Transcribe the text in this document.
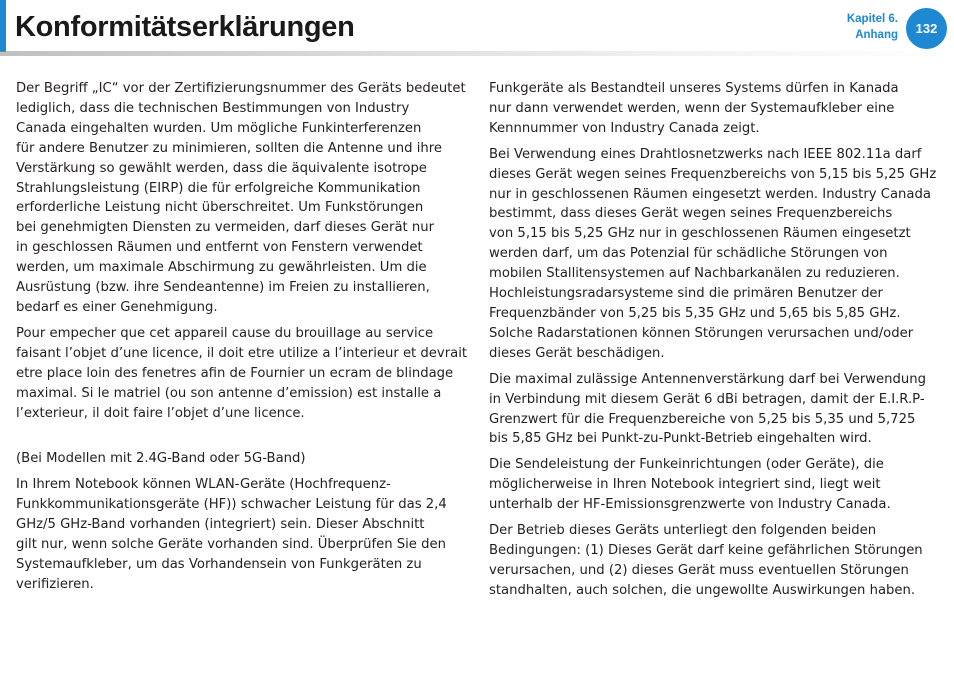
Konformitätserklärungen	Kapitel 6.
Anhang	132

Der Begriff „IC“ vor der Zertifizierungsnummer des Geräts bedeutet
lediglich, dass die technischen Bestimmungen von Industry
Canada eingehalten wurden. Um mögliche Funkinterferenzen
für andere Benutzer zu minimieren, sollten die Antenne und ihre
Verstärkung so gewählt werden, dass die äquivalente isotrope
Strahlungsleistung (EIRP) die für erfolgreiche Kommunikation
erforderliche Leistung nicht überschreitet. Um Funkstörungen
bei genehmigten Diensten zu vermeiden, darf dieses Gerät nur
in geschlossen Räumen und entfernt von Fenstern verwendet
werden, um maximale Abschirmung zu gewährleisten. Um die
Ausrüstung (bzw. ihre Sendeantenne) im Freien zu installieren,
bedarf es einer Genehmigung.

Pour empecher que cet appareil cause du brouillage au service
faisant l’objet d’une licence, il doit etre utilize a l’interieur et devrait
etre place loin des fenetres afin de Fournier un ecram de blindage
maximal. Si le matriel (ou son antenne d’emission) est installe a
l’exterieur, il doit faire l’objet d’une licence.

(Bei Modellen mit 2.4G-Band oder 5G-Band)

In Ihrem Notebook können WLAN-Geräte (Hochfrequenz-
Funkkommunikationsgeräte (HF)) schwacher Leistung für das 2,4
GHz/5 GHz-Band vorhanden (integriert) sein. Dieser Abschnitt
gilt nur, wenn solche Geräte vorhanden sind. Überprüfen Sie den
Systemaufkleber, um das Vorhandensein von Funkgeräten zu
verifizieren.

Funkgeräte als Bestandteil unseres Systems dürfen in Kanada
nur dann verwendet werden, wenn der Systemaufkleber eine
Kennnummer von Industry Canada zeigt.

Bei Verwendung eines Drahtlosnetzwerks nach IEEE 802.11a darf
dieses Gerät wegen seines Frequenzbereichs von 5,15 bis 5,25 GHz
nur in geschlossenen Räumen eingesetzt werden. Industry Canada
bestimmt, dass dieses Gerät wegen seines Frequenzbereichs
von 5,15 bis 5,25 GHz nur in geschlossenen Räumen eingesetzt
werden darf, um das Potenzial für schädliche Störungen von
mobilen Stallitensystemen auf Nachbarkanälen zu reduzieren.
Hochleistungsradarsysteme sind die primären Benutzer der
Frequenzbänder von 5,25 bis 5,35 GHz und 5,65 bis 5,85 GHz.
Solche Radarstationen können Störungen verursachen und/oder
dieses Gerät beschädigen.

Die maximal zulässige Antennenverstärkung darf bei Verwendung
in Verbindung mit diesem Gerät 6 dBi betragen, damit der E.I.R.P-
Grenzwert für die Frequenzbereiche von 5,25 bis 5,35 und 5,725
bis 5,85 GHz bei Punkt-zu-Punkt-Betrieb eingehalten wird.

Die Sendeleistung der Funkeinrichtungen (oder Geräte), die
möglicherweise in Ihren Notebook integriert sind, liegt weit
unterhalb der HF-Emissionsgrenzwerte von Industry Canada.

Der Betrieb dieses Geräts unterliegt den folgenden beiden
Bedingungen: (1) Dieses Gerät darf keine gefährlichen Störungen
verursachen, und (2) dieses Gerät muss eventuellen Störungen
standhalten, auch solchen, die ungewollte Auswirkungen haben.
